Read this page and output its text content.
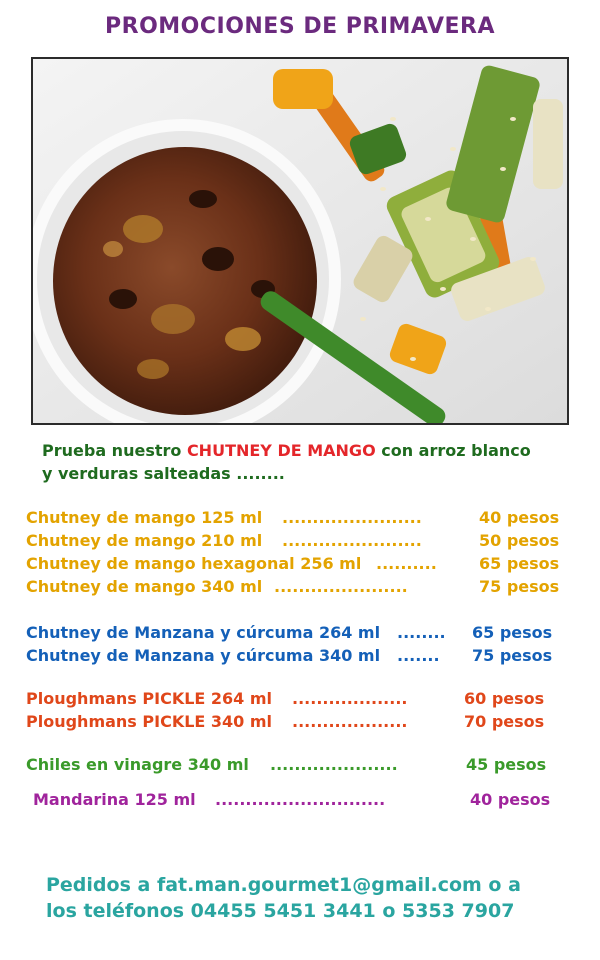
PROMOCIONES DE PRIMAVERA
Prueba nuestro CHUTNEY DE MANGO con arroz blanco
y verduras salteadas ........
Chutney de mango 125 ml .......................	40 pesos
Chutney de mango 210 ml .......................	50 pesos
Chutney de mango hexagonal 256 ml ..........	65 pesos
Chutney de mango 340 ml ......................	75 pesos
Chutney de Manzana y cúrcuma 264 ml ........ 65 pesos
Chutney de Manzana y cúrcuma 340 ml ....... 75 pesos
Ploughmans PICKLE 264 ml ...................	60 pesos
Ploughmans PICKLE 340 ml ...................	70 pesos
Chiles en vinagre 340 ml .....................	45 pesos
Mandarina 125 ml ............................	40 pesos
Pedidos a fat.man.gourmet1@gmail.com o a
los teléfonos 04455 5451 3441 o 5353 7907
